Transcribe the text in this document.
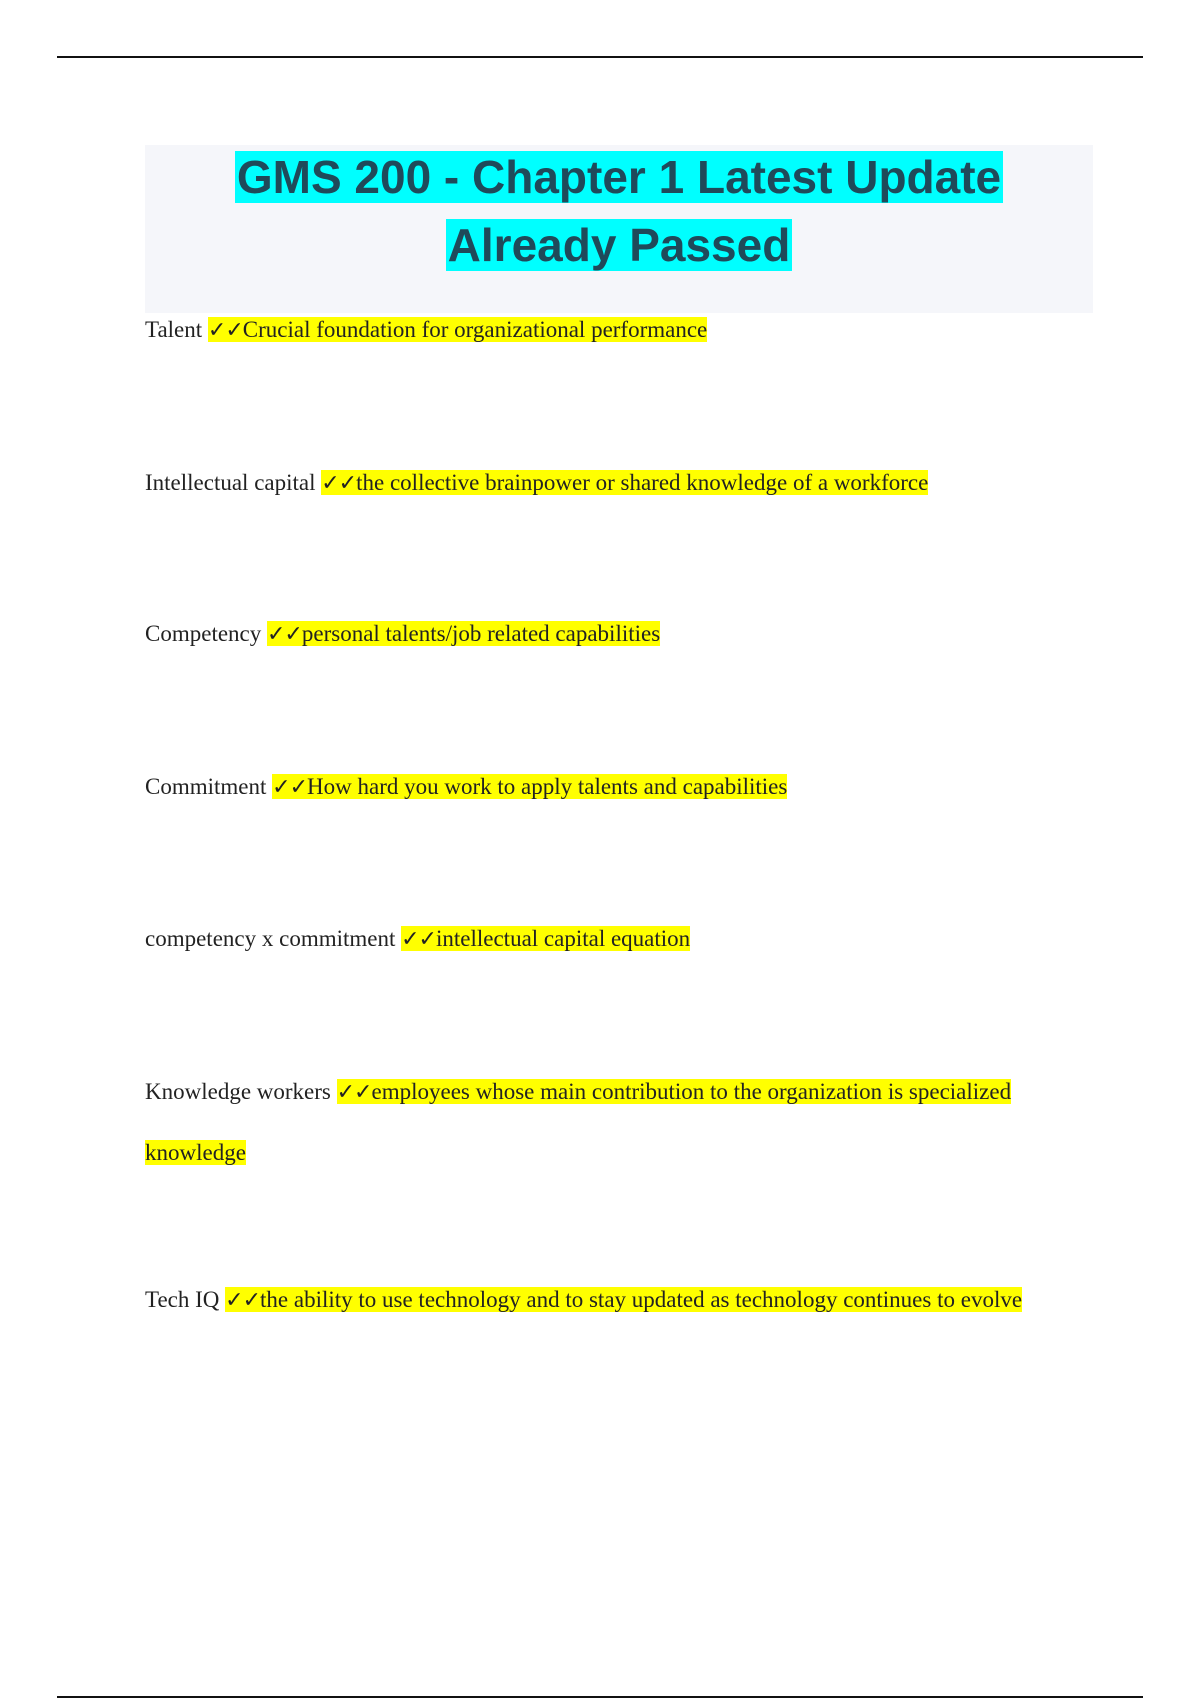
GMS 200 - Chapter 1 Latest Update
Already Passed
Talent ✓✓Crucial foundation for organizational performance
Intellectual capital ✓✓the collective brainpower or shared knowledge of a workforce
Competency ✓✓personal talents/job related capabilities
Commitment ✓✓How hard you work to apply talents and capabilities
competency x commitment ✓✓intellectual capital equation
Knowledge workers ✓✓employees whose main contribution to the organization is specialized knowledge
Tech IQ ✓✓the ability to use technology and to stay updated as technology continues to evolve
